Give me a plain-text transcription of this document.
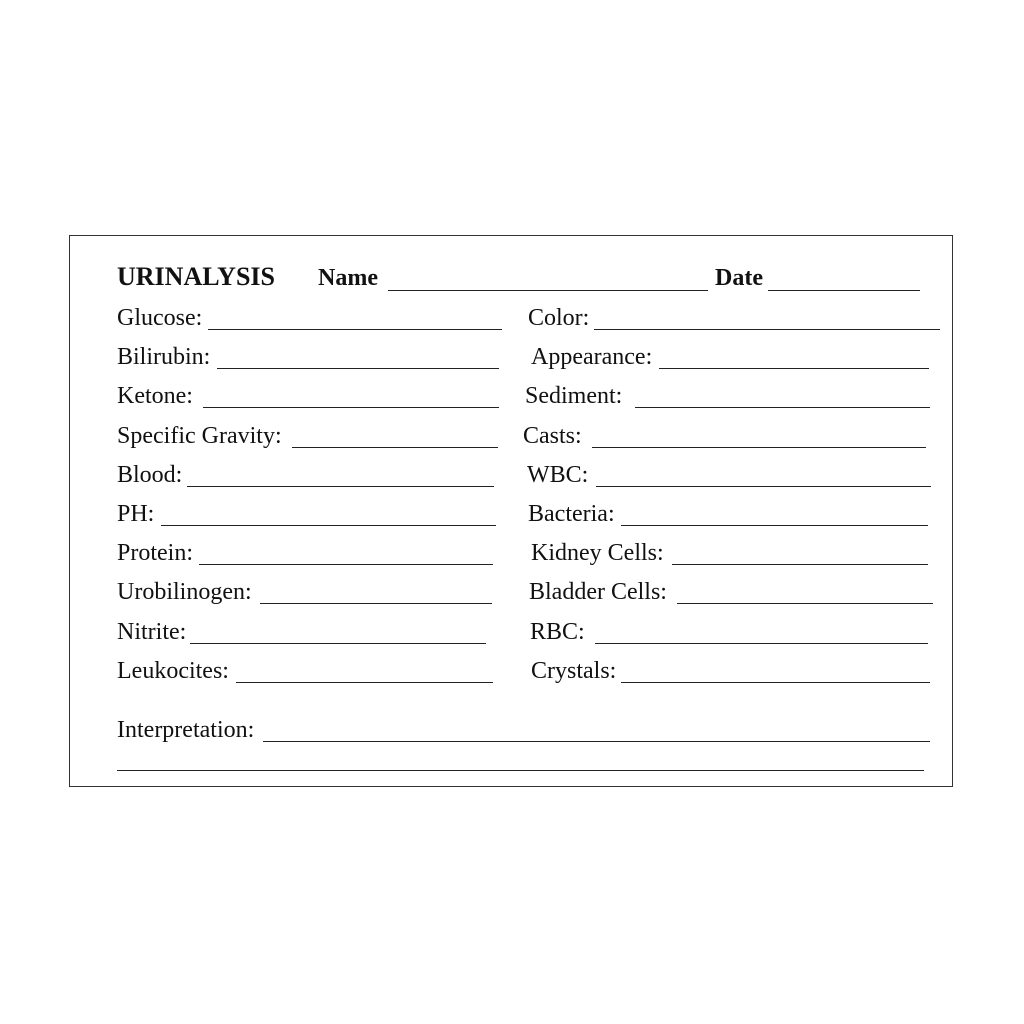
URINALYSIS Name	Date
Glucose:
Bilirubin:
Ketone:
Specific Gravity:
Blood:
PH:
Protein:
Urobilinogen:
Nitrite:
Leukocites:
Color:
Appearance:
Sediment:
Casts:
WBC:
Bacteria:
Kidney Cells:
Bladder Cells:
RBC:
Crystals:
Interpretation:
